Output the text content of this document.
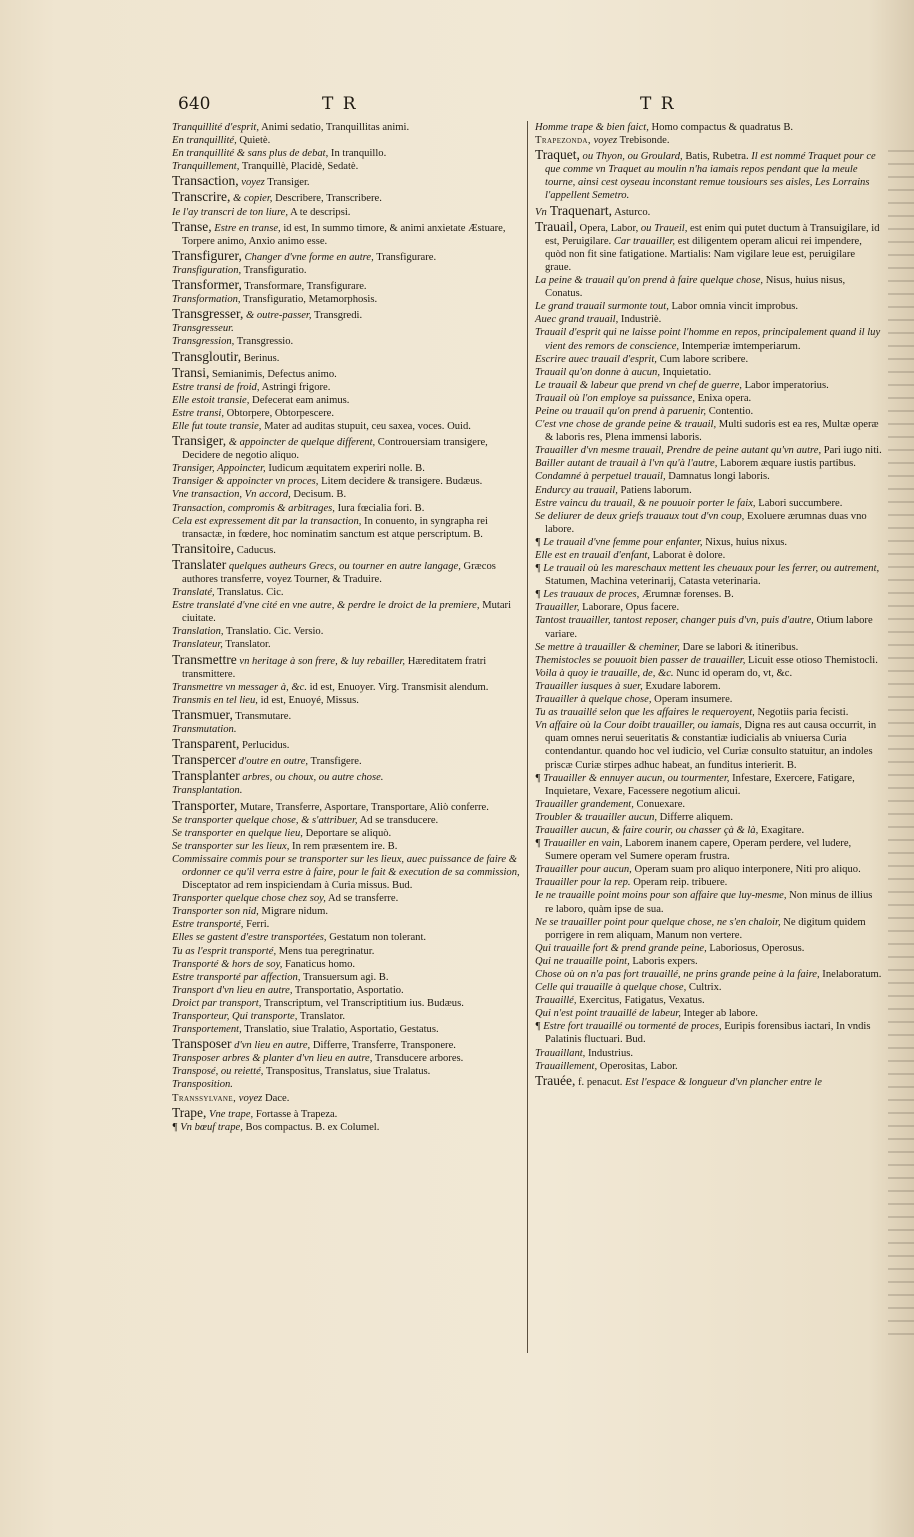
640	T R	T R

Tranquillité d'esprit, Animi sedatio, Tranquillitas animi.

En tranquillité, Quietè.

En tranquillité & sans plus de debat, In tranquillo.

Tranquillement, Tranquillè, Placidè, Sedatè.

Transaction, voyez Transiger.

Transcrire, & copier, Describere, Transcribere.

Ie l'ay transcri de ton liure, A te descripsi.

Transe, Estre en transe, id est, In summo timore, & animi anxietate Æstuare, Torpere animo, Anxio animo esse.

Transfigurer, Changer d'vne forme en autre, Transfigurare.

Transfiguration, Transfiguratio.

Transformer, Transformare, Transfigurare.

Transformation, Transfiguratio, Metamorphosis.

Transgresser, & outre-passer, Transgredi.

Transgresseur.

Transgression, Transgressio.

Transgloutir, Berinus.

Transi, Semianimis, Defectus animo.

Estre transi de froid, Astringi frigore.

Elle estoit transie, Defecerat eam animus.

Estre transi, Obtorpere, Obtorpescere.

Elle fut toute transie, Mater ad auditas stupuit, ceu saxea, voces. Ouid.

Transiger, & appoincter de quelque different, Controuersiam transigere, Decidere de negotio aliquo.

Transiger, Appoincter, Iudicum æquitatem experiri nolle. B.

Transiger & appoincter vn proces, Litem decidere & transigere. Budæus.

Vne transaction, Vn accord, Decisum. B.

Transaction, compromis & arbitrages, Iura fœcialia fori. B.

Cela est expressement dit par la transaction, In conuento, in syngrapha rei transactæ, in fœdere, hoc nominatim sanctum est atque perscriptum. B.

Transitoire, Caducus.

Translater quelques autheurs Grecs, ou tourner en autre langage, Græcos authores transferre, voyez Tourner, & Traduire.

Translaté, Translatus. Cic.

Estre translaté d'vne cité en vne autre, & perdre le droict de la premiere, Mutari ciuitate.

Translation, Translatio. Cic. Versio.

Translateur, Translator.

Transmettre vn heritage à son frere, & luy rebailler, Hæreditatem fratri transmittere.

Transmettre vn messager à, &c. id est, Enuoyer. Virg. Transmisit alendum.

Transmis en tel lieu, id est, Enuoyé, Missus.

Transmuer, Transmutare.

Transmutation.

Transparent, Perlucidus.

Transpercer d'outre en outre, Transfigere.

Transplanter arbres, ou choux, ou autre chose.

Transplantation.

Transporter, Mutare, Transferre, Asportare, Transportare, Aliò conferre.

Se transporter quelque chose, & s'attribuer, Ad se transducere.

Se transporter en quelque lieu, Deportare se aliquò.

Se transporter sur les lieux, In rem præsentem ire. B.

Commissaire commis pour se transporter sur les lieux, auec puissance de faire & ordonner ce qu'il verra estre à faire, pour le fait & execution de sa commission, Disceptator ad rem inspiciendam à Curia missus. Bud.

Transporter quelque chose chez soy, Ad se transferre.

Transporter son nid, Migrare nidum.

Estre transporté, Ferri.

Elles se gastent d'estre transportées, Gestatum non tolerant.

Tu as l'esprit transporté, Mens tua peregrinatur.

Transporté & hors de soy, Fanaticus homo.

Estre transporté par affection, Transuersum agi. B.

Transport d'vn lieu en autre, Transportatio, Asportatio.

Droict par transport, Transcriptum, vel Transcriptitium ius. Budæus.

Transporteur, Qui transporte, Translator.

Transportement, Translatio, siue Tralatio, Asportatio, Gestatus.

Transposer d'vn lieu en autre, Differre, Transferre, Transponere.

Transposer arbres & planter d'vn lieu en autre, Transducere arbores.

Transposé, ou reietté, Transpositus, Translatus, siue Tralatus.

Transposition.

Transsylvane, voyez Dace.

Trape, Vne trape, Fortasse à Trapeza.

¶ Vn bœuf trape, Bos compactus. B. ex Columel.

Homme trape & bien faict, Homo compactus & quadratus B.

Trapezonda, voyez Trebisonde.

Traquet, ou Thyon, ou Groulard, Batis, Rubetra. Il est nommé Traquet pour ce que comme vn Traquet au moulin n'ha iamais repos pendant que la meule tourne, ainsi cest oyseau inconstant remue tousiours ses aisles, Les Lorrains l'appellent Semetro.

Vn Traquenart, Asturco.

Trauail, Opera, Labor, ou Traueil, est enim qui putet ductum à Transuigilare, id est, Peruigilare. Car trauailler, est diligentem operam alicui rei impendere, quòd non fit sine fatigatione. Martialis: Nam vigilare leue est, peruigilare graue.

La peine & trauail qu'on prend à faire quelque chose, Nisus, huius nisus, Conatus.

Le grand trauail surmonte tout, Labor omnia vincit improbus.

Auec grand trauail, Industriè.

Trauail d'esprit qui ne laisse point l'homme en repos, principalement quand il luy vient des remors de conscience, Intemperiæ imtemperiarum.

Escrire auec trauail d'esprit, Cum labore scribere.

Trauail qu'on donne à aucun, Inquietatio.

Le trauail & labeur que prend vn chef de guerre, Labor imperatorius.

Trauail où l'on employe sa puissance, Enixa opera.

Peine ou trauail qu'on prend à paruenir, Contentio.

C'est vne chose de grande peine & trauail, Multi sudoris est ea res, Multæ operæ & laboris res, Plena immensi laboris.

Trauailler d'vn mesme trauail, Prendre de peine autant qu'vn autre, Pari iugo niti.

Bailler autant de trauail à l'vn qu'à l'autre, Laborem æquare iustis partibus.

Condamné à perpetuel trauail, Damnatus longi laboris.

Endurcy au trauail, Patiens laborum.

Estre vaincu du trauail, & ne pouuoir porter le faix, Labori succumbere.

Se deliurer de deux griefs trauaux tout d'vn coup, Exoluere ærumnas duas vno labore.

¶ Le trauail d'vne femme pour enfanter, Nixus, huius nixus.

Elle est en trauail d'enfant, Laborat è dolore.

¶ Le trauail où les mareschaux mettent les cheuaux pour les ferrer, ou autrement, Statumen, Machina veterinarij, Catasta veterinaria.

¶ Les trauaux de proces, Ærumnæ forenses. B.

Trauailler, Laborare, Opus facere.

Tantost trauailler, tantost reposer, changer puis d'vn, puis d'autre, Otium labore variare.

Se mettre à trauailler & cheminer, Dare se labori & itineribus.

Themistocles se pouuoit bien passer de trauailler, Licuit esse otioso Themistocli.

Voila à quoy ie trauaille, de, &c. Nunc id operam do, vt, &c.

Trauailler iusques à suer, Exudare laborem.

Trauailler à quelque chose, Operam insumere.

Tu as trauaillé selon que les affaires le requeroyent, Negotiis paria fecisti.

Vn affaire où la Cour doibt trauailler, ou iamais, Digna res aut causa occurrit, in quam omnes nerui seueritatis & constantiæ iudicialis ab vniuersa Curia contendantur. quando hoc vel iudicio, vel Curiæ consulto statuitur, an indoles priscæ Curiæ stirpes adhuc habeat, an funditus interierit. B.

¶ Trauailler & ennuyer aucun, ou tourmenter, Infestare, Exercere, Fatigare, Inquietare, Vexare, Facessere negotium alicui.

Trauailler grandement, Conuexare.

Troubler & trauailler aucun, Differre aliquem.

Trauailler aucun, & faire courir, ou chasser çà & là, Exagitare.

¶ Trauailler en vain, Laborem inanem capere, Operam perdere, vel ludere, Sumere operam vel Sumere operam frustra.

Trauailler pour aucun, Operam suam pro aliquo interponere, Niti pro aliquo.

Trauailler pour la rep. Operam reip. tribuere.

Ie ne trauaille point moins pour son affaire que luy-mesme, Non minus de illius re laboro, quàm ipse de sua.

Ne se trauailler point pour quelque chose, ne s'en chaloir, Ne digitum quidem porrigere in rem aliquam, Manum non vertere.

Qui trauaille fort & prend grande peine, Laboriosus, Operosus.

Qui ne trauaille point, Laboris expers.

Chose où on n'a pas fort trauaillé, ne prins grande peine à la faire, Inelaboratum.

Celle qui trauaille à quelque chose, Cultrix.

Trauaillé, Exercitus, Fatigatus, Vexatus.

Qui n'est point trauaillé de labeur, Integer ab labore.

¶ Estre fort trauaillé ou tormenté de proces, Euripis forensibus iactari, In vndis Palatinis fluctuari. Bud.

Trauaillant, Industrius.

Trauaillement, Operositas, Labor.

Trauée, f. penacut. Est l'espace & longueur d'vn plancher entre le
